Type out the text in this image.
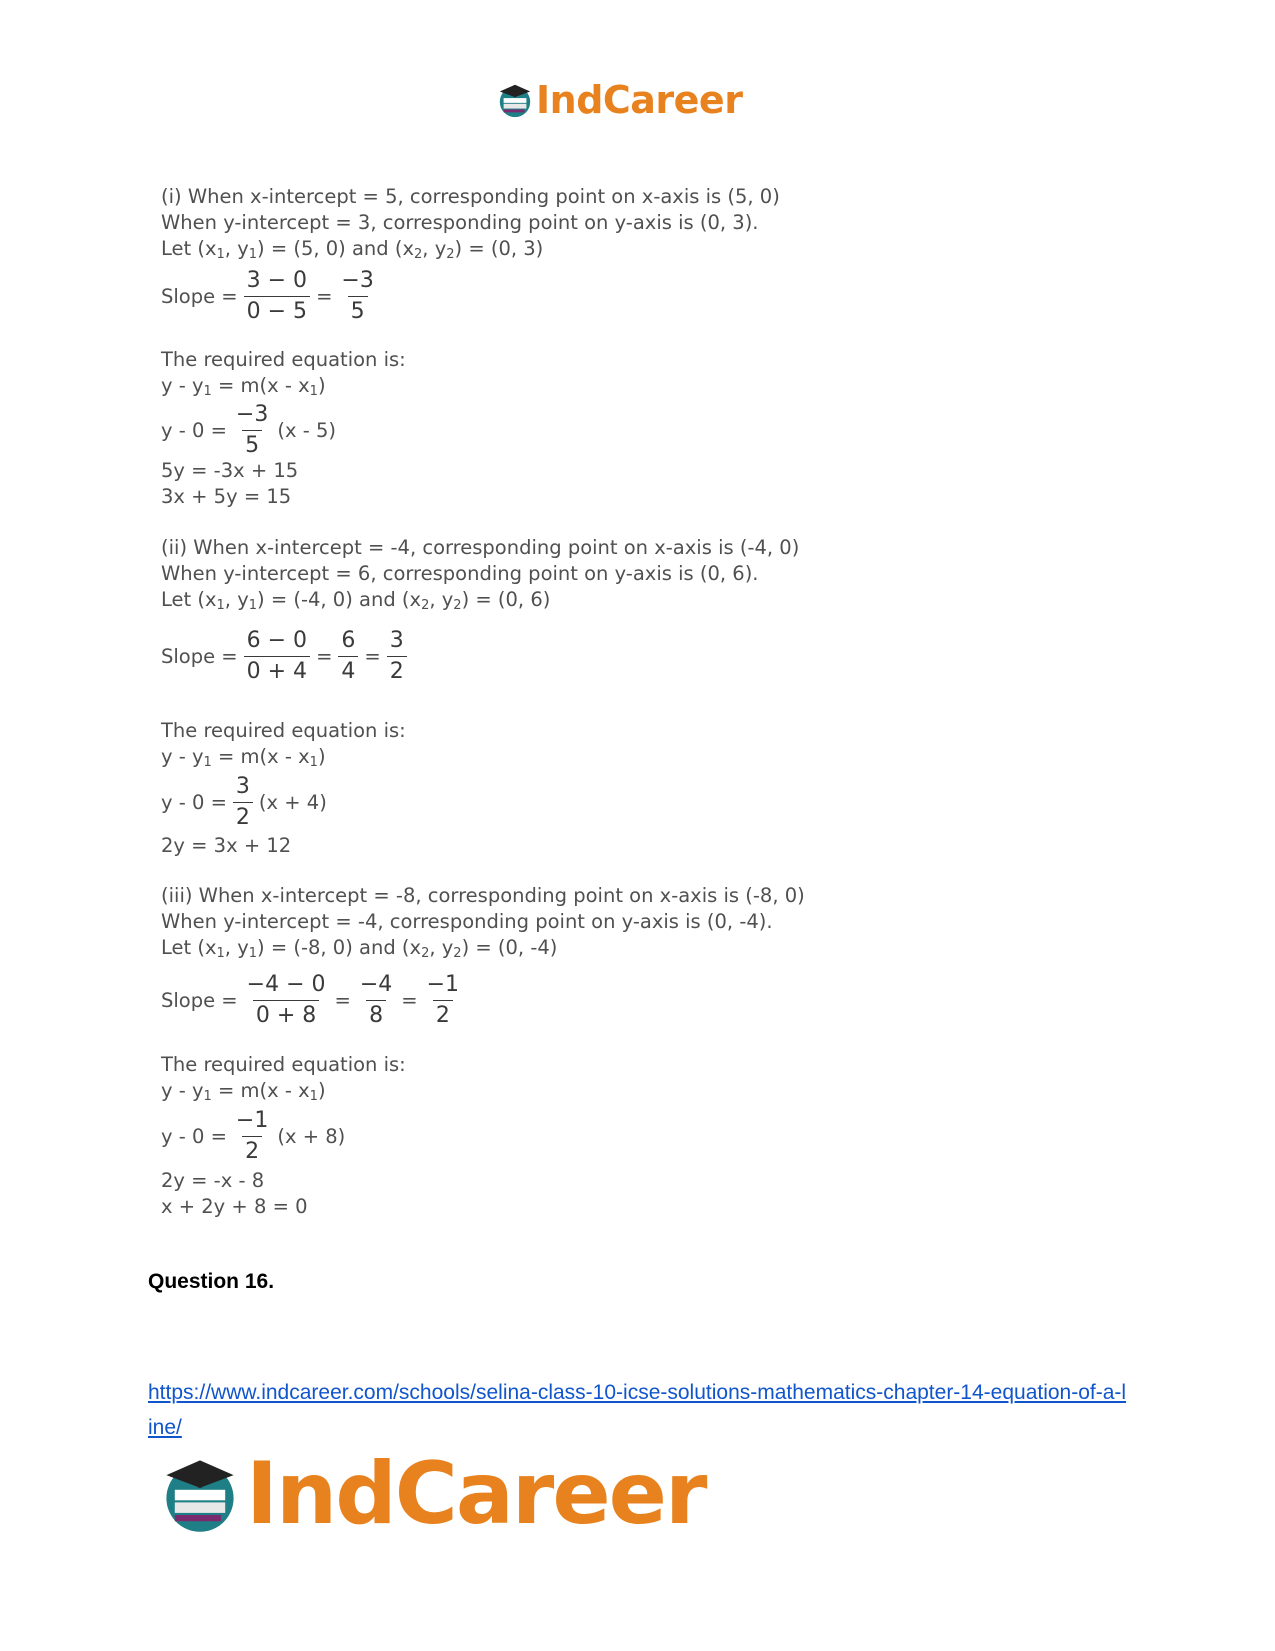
IndCareer
(i) When x-intercept = 5, corresponding point on x-axis is (5, 0)
When y-intercept = 3, corresponding point on y-axis is (0, 3).
Let ($x_1$, $y_1) = (5$, 0) and ($x_2$, $y_2) = (0$, 3)
Slope = $\frac{3 - 0}{0 - 5} = \frac{-3}{5}$
The required equation is:
$y - y_1 = m(x - x_1)$
$y - 0 = \frac{-3}{5} (x - 5)$
5y = -3x + 15
3x + 5y = 15
(ii) When x-intercept = -4, corresponding point on x-axis is (-4, 0)
When y-intercept = 6, corresponding point on y-axis is (0, 6).
Let ($x_1$, $y_1) = (-4$, 0) and ($x_2$, $y_2) = (0$, 6)
Slope = $\frac{6 - 0}{0 + 4} = \frac{6}{4} = \frac{3}{2}$
The required equation is:
$y - y_1 = m(x - x_1)$
$y - 0 = \frac{3}{2} (x + 4)$
2y = 3x + 12
(iii) When x-intercept = -8, corresponding point on x-axis is (-8, 0)
When y-intercept = -4, corresponding point on y-axis is (0, -4).
Let ($x_1$, $y_1) = (-8$, 0) and ($x_2$, $y_2) = (0$, -4)
Slope = $\frac{-4 - 0}{0 + 8} = \frac{-4}{8} = \frac{-1}{2}$
The required equation is:
$y - y_1 = m(x - x_1)$
$y - 0 = \frac{-1}{2} (x + 8)$
2y = -x - 8
x + 2y + 8 = 0
Question 16.
https://www.indcareer.com/schools/selina-class-10-icse-solutions-mathematics-chapter-14-equation-of-a-line/
IndCareer
